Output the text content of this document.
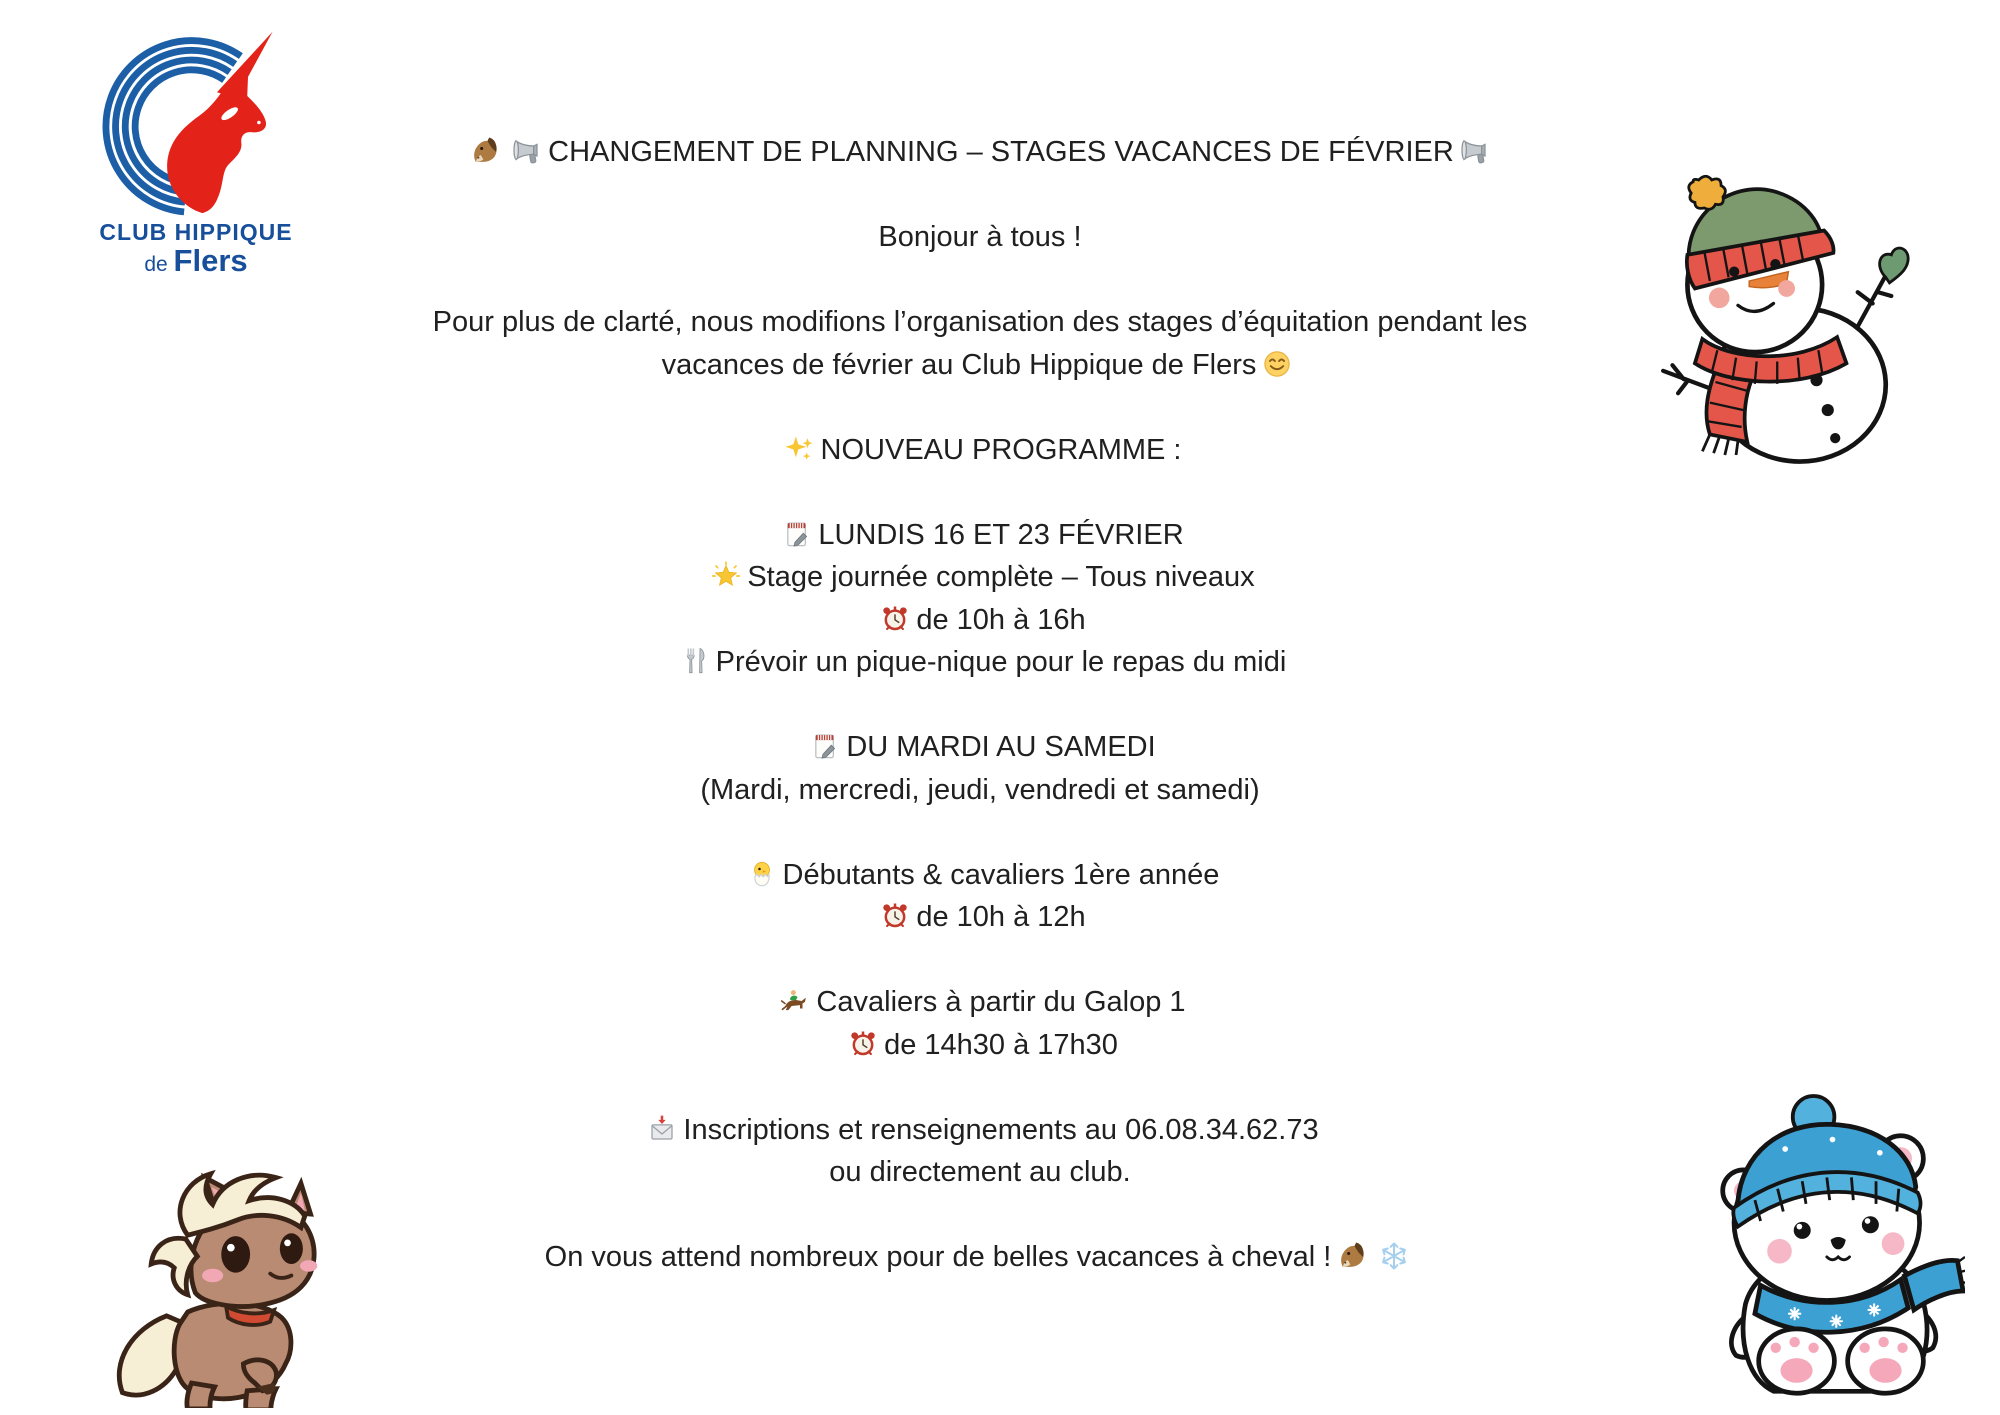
CLUB HIPPIQUE
de Flers
CHANGEMENT DE PLANNING – STAGES VACANCES DE FÉVRIER
Bonjour à tous !
Pour plus de clarté, nous modifions l’organisation des stages d’équitation pendant les
vacances de février au Club Hippique de Flers
NOUVEAU PROGRAMME :
LUNDIS 16 ET 23 FÉVRIER
Stage journée complète – Tous niveaux
de 10h à 16h
Prévoir un pique-nique pour le repas du midi
DU MARDI AU SAMEDI
(Mardi, mercredi, jeudi, vendredi et samedi)
Débutants & cavaliers 1ère année
de 10h à 12h
Cavaliers à partir du Galop 1
de 14h30 à 17h30
Inscriptions et renseignements au 06.08.34.62.73
ou directement au club.
On vous attend nombreux pour de belles vacances à cheval !
